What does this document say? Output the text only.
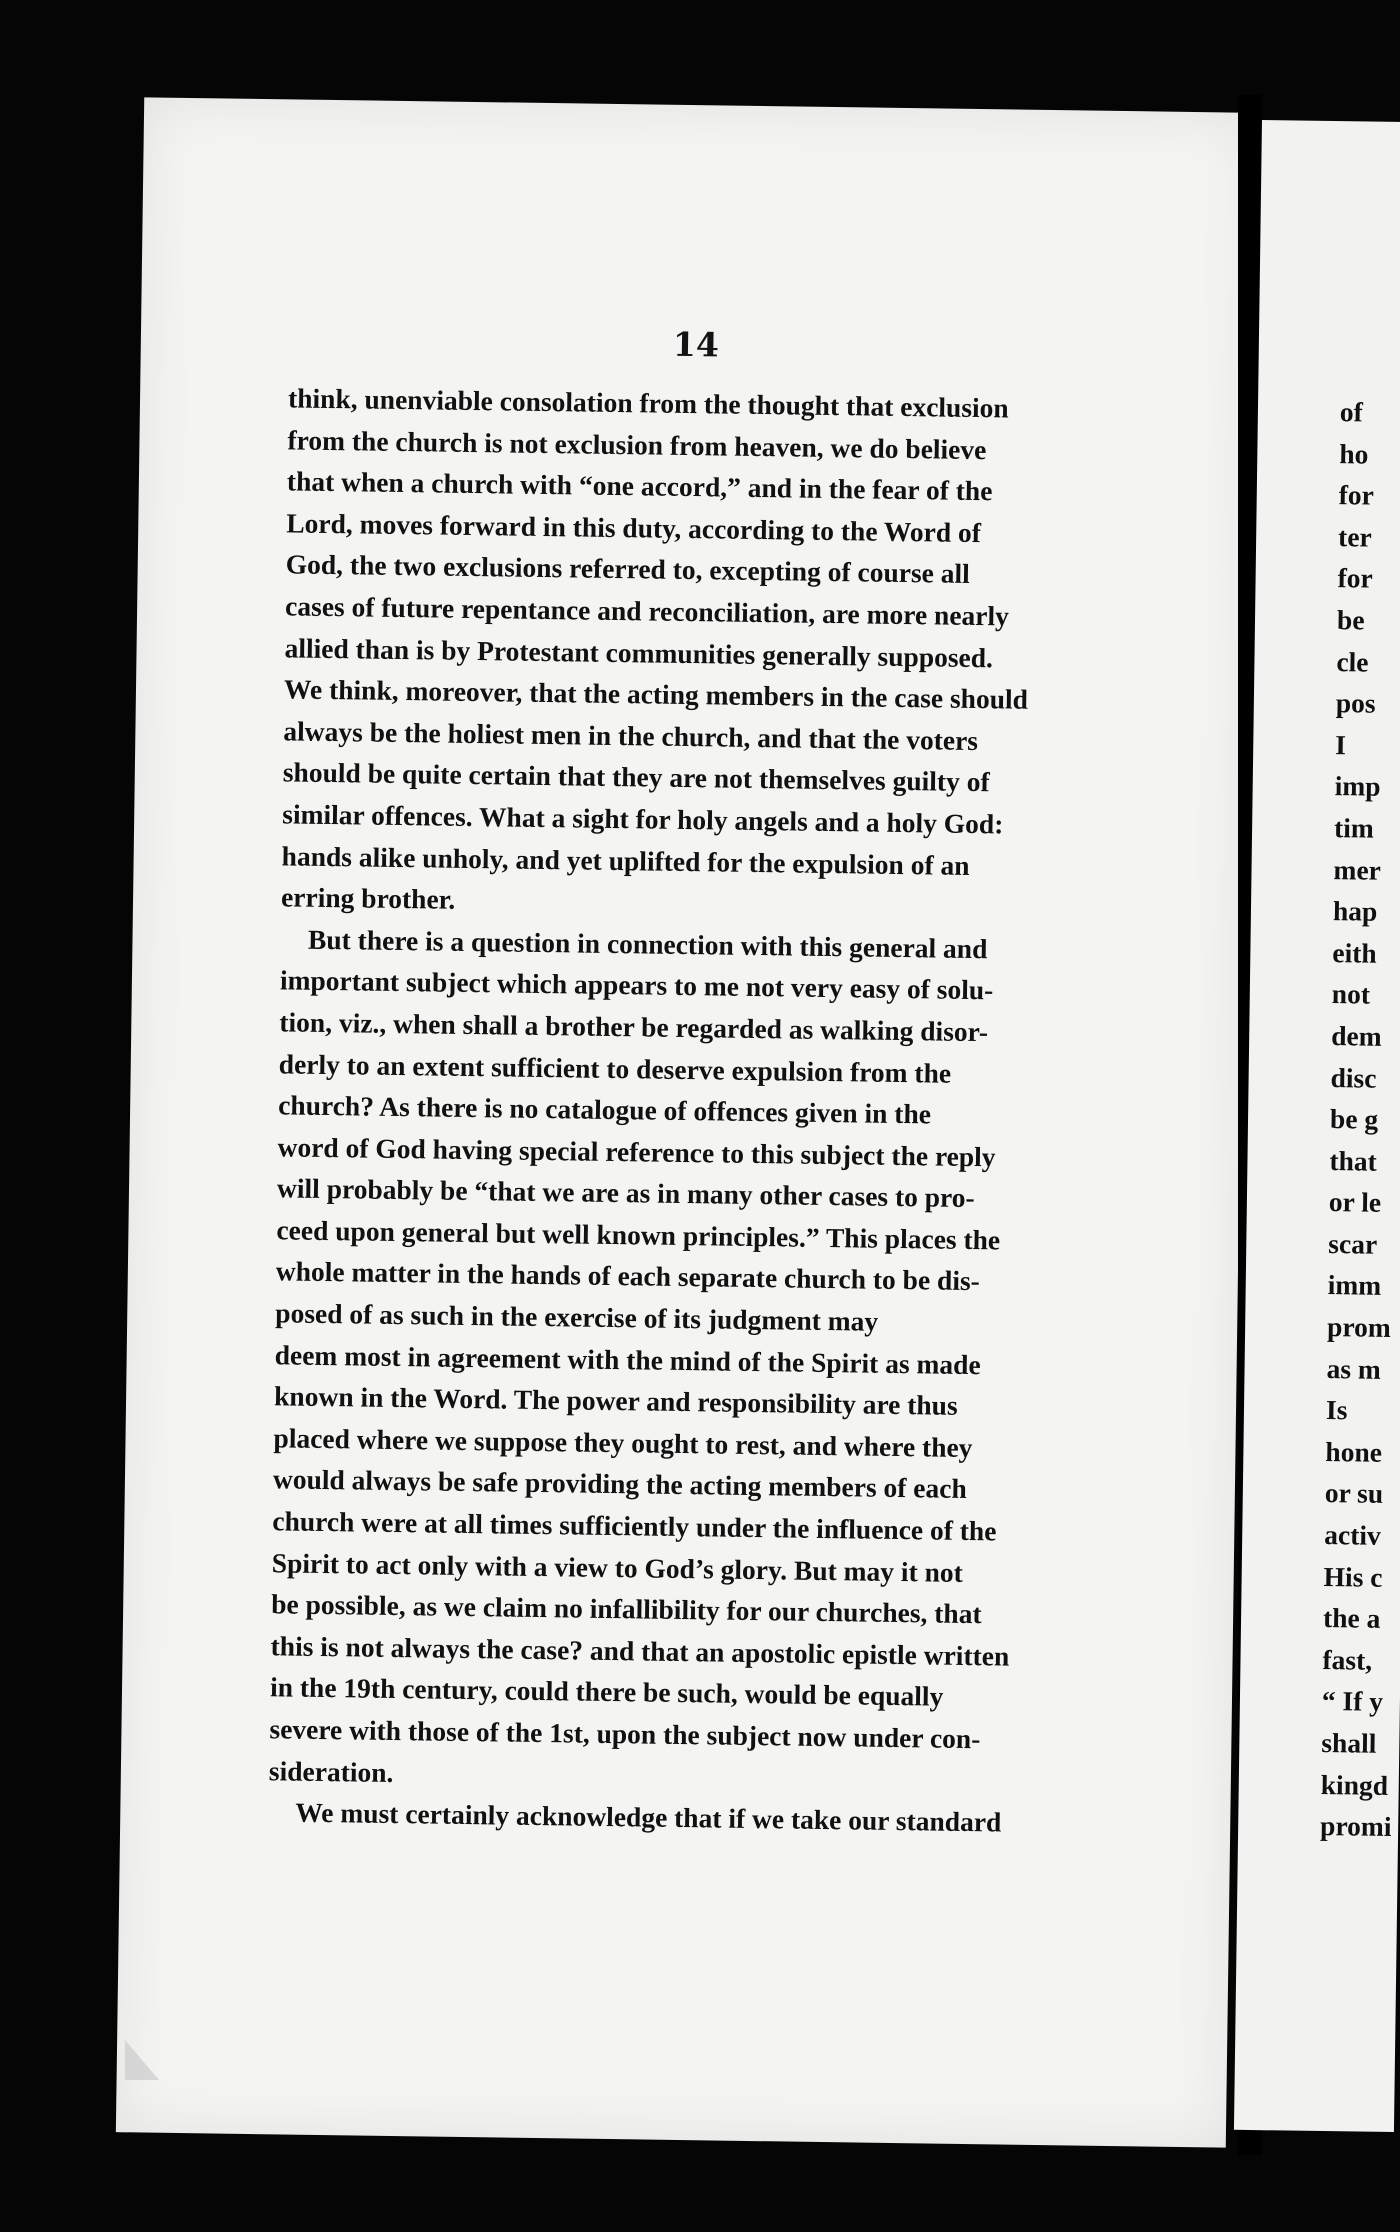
14

think, unenviable consolation from the thought that exclusion

from the church is not exclusion from heaven, we do believe

that when a church with “one accord,” and in the fear of the

Lord, moves forward in this duty, according to the Word of

God, the two exclusions referred to, excepting of course all

cases of future repentance and reconciliation, are more nearly

allied than is by Protestant communities generally supposed.

We think, moreover, that the acting members in the case should

always be the holiest men in the church, and that the voters

should be quite certain that they are not themselves guilty of

similar offences. What a sight for holy angels and a holy God:

hands alike unholy, and yet uplifted for the expulsion of an

erring brother.

But there is a question in connection with this general and

important subject which appears to me not very easy of solu-

tion, viz., when shall a brother be regarded as walking disor-

derly to an extent sufficient to deserve expulsion from the

church? As there is no catalogue of offences given in the

word of God having special reference to this subject the reply

will probably be “that we are as in many other cases to pro-

ceed upon general but well known principles.” This places the

whole matter in the hands of each separate church to be dis-

posed of as such in the exercise of its judgment may

deem most in agreement with the mind of the Spirit as made

known in the Word. The power and responsibility are thus

placed where we suppose they ought to rest, and where they

would always be safe providing the acting members of each

church were at all times sufficiently under the influence of the

Spirit to act only with a view to God’s glory. But may it not

be possible, as we claim no infallibility for our churches, that

this is not always the case? and that an apostolic epistle written

in the 19th century, could there be such, would be equally

severe with those of the 1st, upon the subject now under con-

sideration.

We must certainly acknowledge that if we take our standard

of
ho
for
ter
for
be
cle
pos
I
imp
tim
mer
hap
eith
not
dem
disc
be g
that
or le
scar
imm
prom
as m
Is
hone
or su
activ
His c
the a
fast,
“ If y
shall
kingd
promi
